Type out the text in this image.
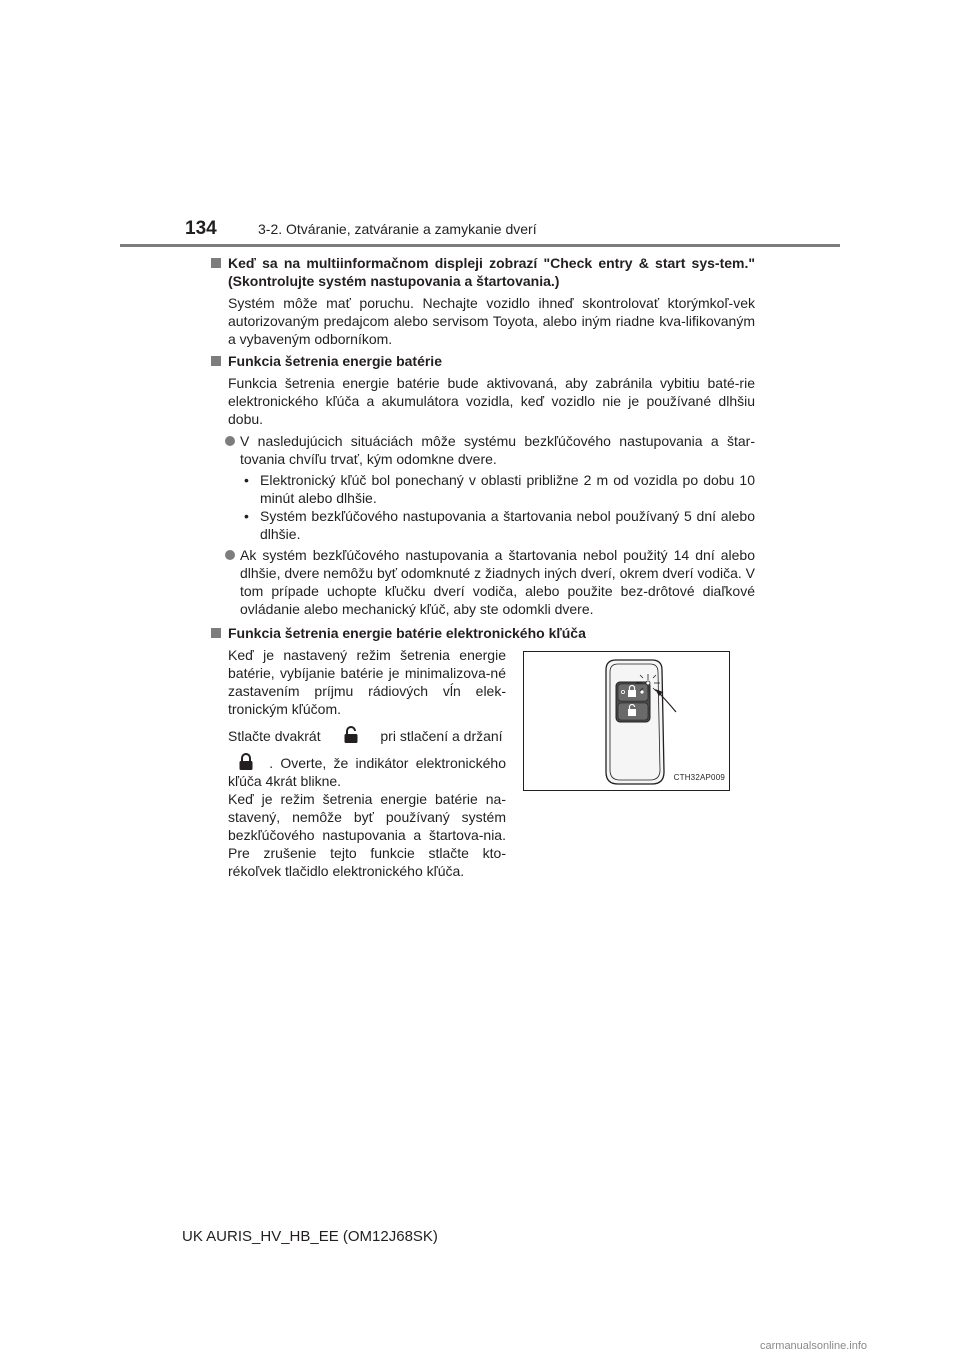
134	3-2. Otváranie, zatváranie a zamykanie dverí
Keď sa na multiinformačnom displeji zobrazí "Check entry & start sys-tem." (Skontrolujte systém nastupovania a štartovania.)
Systém môže mať poruchu. Nechajte vozidlo ihneď skontrolovať ktorýmkoľ-vek autorizovaným predajcom alebo servisom Toyota, alebo iným riadne kva-lifikovaným a vybaveným odborníkom.
Funkcia šetrenia energie batérie
Funkcia šetrenia energie batérie bude aktivovaná, aby zabránila vybitiu baté-rie elektronického kľúča a akumulátora vozidla, keď vozidlo nie je používané dlhšiu dobu.
V nasledujúcich situáciách môže systému bezkľúčového nastupovania a štar-tovania chvíľu trvať, kým odomkne dvere.
• Elektronický kľúč bol ponechaný v oblasti približne 2 m od vozidla po dobu 10 minút alebo dlhšie.
• Systém bezkľúčového nastupovania a štartovania nebol používaný 5 dní alebo dlhšie.
Ak systém bezkľúčového nastupovania a štartovania nebol použitý 14 dní alebo dlhšie, dvere nemôžu byť odomknuté z žiadnych iných dverí, okrem dverí vodiča. V tom prípade uchopte kľučku dverí vodiča, alebo použite bez-drôtové diaľkové ovládanie alebo mechanický kľúč, aby ste odomkli dvere.
Funkcia šetrenia energie batérie elektronického kľúča

Keď je nastavený režim šetrenia energie batérie, vybíjanie batérie je minimalizova-né zastavením príjmu rádiových vĺn elek-tronickým kľúčom.

Stlačte dvakrát	pri stlačení a držaní
. Overte, že indikátor elektronického kľúča 4krát blikne.

Keď je režim šetrenia energie batérie na-stavený, nemôže byť používaný systém bezkľúčového nastupovania a štartova-nia. Pre zrušenie tejto funkcie stlačte kto-rékoľvek tlačidlo elektronického kľúča.

CTH32AP009
UK AURIS_HV_HB_EE (OM12J68SK)
carmanualsonline.info
